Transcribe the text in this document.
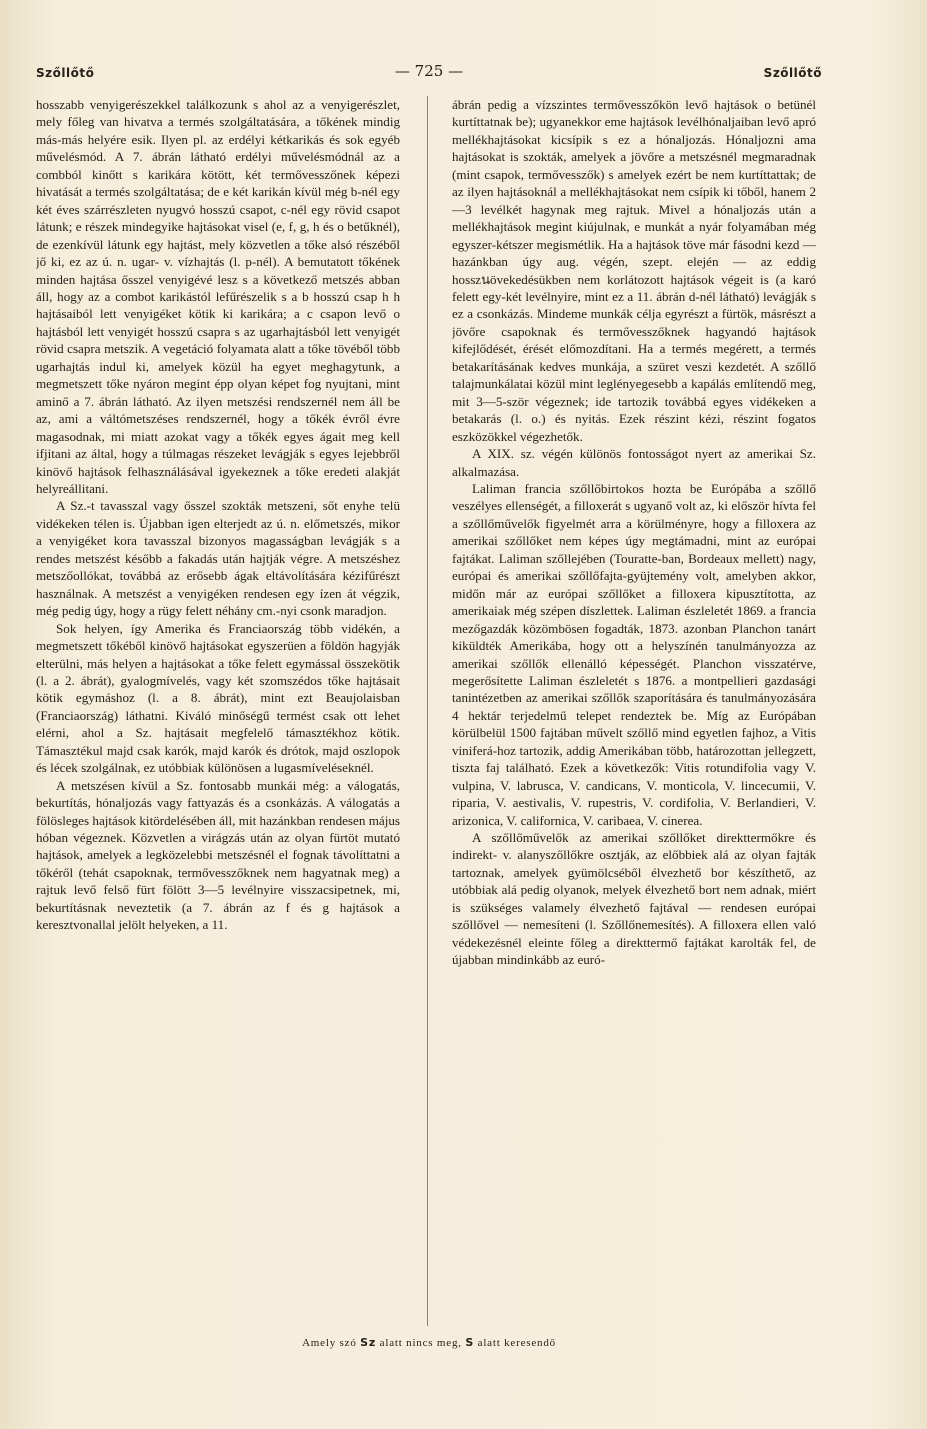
Szőllőtő	— 725 —	Szőllőtő

hosszabb venyigerészekkel találkozunk s ahol az a venyigerészlet, mely főleg van hivatva a termés szolgáltatására, a tőkének mindig más-más helyére esik. Ilyen pl. az erdélyi kétkarikás és sok egyéb művelésmód. A 7. ábrán látható erdélyi művelésmódnál az a combból kinőtt s karikára kötött, két termővesszőnek képezi hivatását a termés szolgáltatása; de e két karikán kívül még b-nél egy két éves szárrészleten nyugvó hosszú csapot, c-nél egy rövid csapot látunk; e részek mindegyike hajtásokat visel (e, f, g, h és o betűknél), de ezenkívül látunk egy hajtást, mely közvetlen a tőke alsó részéből jő ki, ez az ú. n. ugar- v. vízhajtás (l. p-nél). A bemutatott tőkének minden hajtása ősszel venyigévé lesz s a következő metszés abban áll, hogy az a combot karikástól lefűrészelik s a b hosszú csap h h hajtásaiból lett venyigéket kötik ki karikára; a c csapon levő o hajtásból lett venyigét hosszú csapra s az ugarhajtásból lett venyigét rövid csapra metszik. A vegetáció folyamata alatt a tőke tövéből több ugarhajtás indul ki, amelyek közül ha egyet meghagytunk, a megmetszett tőke nyáron megint épp olyan képet fog nyujtani, mint aminő a 7. ábrán látható. Az ilyen metszési rendszernél nem áll be az, ami a váltómetszéses rendszernél, hogy a tőkék évről évre magasodnak, mi miatt azokat vagy a tőkék egyes ágait meg kell ifjitani az által, hogy a túlmagas részeket levágják s egyes lejebbről kinövő hajtások felhasználásával igyekeznek a tőke eredeti alakját helyreállitani.

A Sz.-t tavasszal vagy ősszel szokták metszeni, sőt enyhe telü vidékeken télen is. Újabban igen elterjedt az ú. n. előmetszés, mikor a venyigéket kora tavasszal bizonyos magasságban levágják s a rendes metszést később a fakadás után hajtják végre. A metszéshez metszőollókat, továbbá az erősebb ágak eltávolítására kézifűrészt használnak. A metszést a venyigéken rendesen egy ízen át végzik, még pedig úgy, hogy a rügy felett néhány cm.-nyi csonk maradjon.

Sok helyen, így Amerika és Franciaország több vidékén, a megmetszett tőkéből kinövő hajtásokat egyszerüen a földön hagyják elterülni, más helyen a hajtásokat a tőke felett egymással összekötik (l. a 2. ábrát), gyalogmívelés, vagy két szomszédos tőke hajtásait kötik egymáshoz (l. a 8. ábrát), mint ezt Beaujolaisban (Franciaország) láthatni. Kiváló minőségű termést csak ott lehet elérni, ahol a Sz. hajtásait megfelelő támasztékhoz kötik. Támasztékul majd csak karók, majd karók és drótok, majd oszlopok és lécek szolgálnak, ez utóbbiak különösen a lugasmíveléseknél.

A metszésen kívül a Sz. fontosabb munkái még: a válogatás, bekurtítás, hónaljozás vagy fattyazás és a csonkázás. A válogatás a fölösleges hajtások kitördelésében áll, mit hazánkban rendesen május hóban végeznek. Közvetlen a virágzás után az olyan fürtöt mutató hajtások, amelyek a legközelebbi metszésnél el fognak távolíttatni a tőkéről (tehát csapoknak, termővesszőknek nem hagyatnak meg) a rajtuk levő felső fürt fölött 3—5 levélnyire visszacsipetnek, mi, bekurtításnak neveztetik (a 7. ábrán az f és g hajtások a keresztvonallal jelölt helyeken, a 11.

ábrán pedig a vízszintes termővesszőkön levő hajtások o betünél kurtíttatnak be); ugyanekkor eme hajtások levélhónaljaiban levő apró mellékhajtásokat kicsípik s ez a hónaljozás. Hónaljozni ama hajtásokat is szokták, amelyek a jövőre a metszésnél megmaradnak (mint csapok, termővesszők) s amelyek ezért be nem kurtíttattak; de az ilyen hajtásoknál a mellékhajtásokat nem csípik ki tőből, hanem 2—3 levélkét hagynak meg rajtuk. Mivel a hónaljozás után a mellékhajtások megint kiújulnak, e munkát a nyár folyamában még egyszer-kétszer megismétlik. Ha a hajtások töve már fásodni kezd — hazánkban úgy aug. végén, szept. elején — az eddig hosszนövekedésükben nem korlátozott hajtások végeit is (a karó felett egy-két levélnyire, mint ez a 11. ábrán d-nél látható) levágják s ez a csonkázás. Mindeme munkák célja egyrészt a fürtök, másrészt a jövőre csapoknak és termővesszőknek hagyandó hajtások kifejlődését, érését előmozdítani. Ha a termés megérett, a termés betakarításának kedves munkája, a szüret veszi kezdetét. A szőllő talajmunkálatai közül mint leglényegesebb a kapálás említendő meg, mit 3—5-ször végeznek; ide tartozik továbbá egyes vidékeken a betakarás (l. o.) és nyitás. Ezek részint kézi, részint fogatos eszközökkel végezhetők.

A XIX. sz. végén különös fontosságot nyert az amerikai Sz. alkalmazása.

Laliman francia szőllőbirtokos hozta be Európába a szőllő veszélyes ellenségét, a filloxerát s ugyanő volt az, ki először hívta fel a szőllőművelők figyelmét arra a körülményre, hogy a filloxera az amerikai szőllőket nem képes úgy megtámadni, mint az európai fajtákat. Laliman szőllejében (Touratte-ban, Bordeaux mellett) nagy, európai és amerikai szőllőfajta-gyüjtemény volt, amelyben akkor, midőn már az európai szőllőket a filloxera kipusztította, az amerikaiak még szépen díszlettek. Laliman észleletét 1869. a francia mezőgazdák közömbösen fogadták, 1873. azonban Planchon tanárt kiküldték Amerikába, hogy ott a helyszínén tanulmányozza az amerikai szőllők ellenálló képességét. Planchon visszatérve, megerősítette Laliman észleletét s 1876. a montpellieri gazdasági tanintézetben az amerikai szőllők szaporítására és tanulmányozására 4 hektár terjedelmű telepet rendeztek be. Míg az Európában körülbelül 1500 fajtában művelt szőllő mind egyetlen fajhoz, a Vitis viniferá-hoz tartozik, addig Amerikában több, határozottan jellegzett, tiszta faj található. Ezek a következők: Vitis rotundifolia vagy V. vulpina, V. labrusca, V. candicans, V. monticola, V. lincecumii, V. riparia, V. aestivalis, V. rupestris, V. cordifolia, V. Berlandieri, V. arizonica, V. californica, V. caribaea, V. cinerea.

A szőllőművelők az amerikai szőllőket direkttermőkre és indirekt- v. alanyszőllőkre osztják, az előbbiek alá az olyan fajták tartoznak, amelyek gyümölcséből élvezhető bor készíthető, az utóbbiak alá pedig olyanok, melyek élvezhető bort nem adnak, miért is szükséges valamely élvezhető fajtával — rendesen európai szőllővel — nemesíteni (l. Szőllőnemesítés). A filloxera ellen való védekezésnél eleinte főleg a direkttermő fajtákat karolták fel, de újabban mindinkább az euró-

Amely szó Sz alatt nincs meg, S alatt keresendő
